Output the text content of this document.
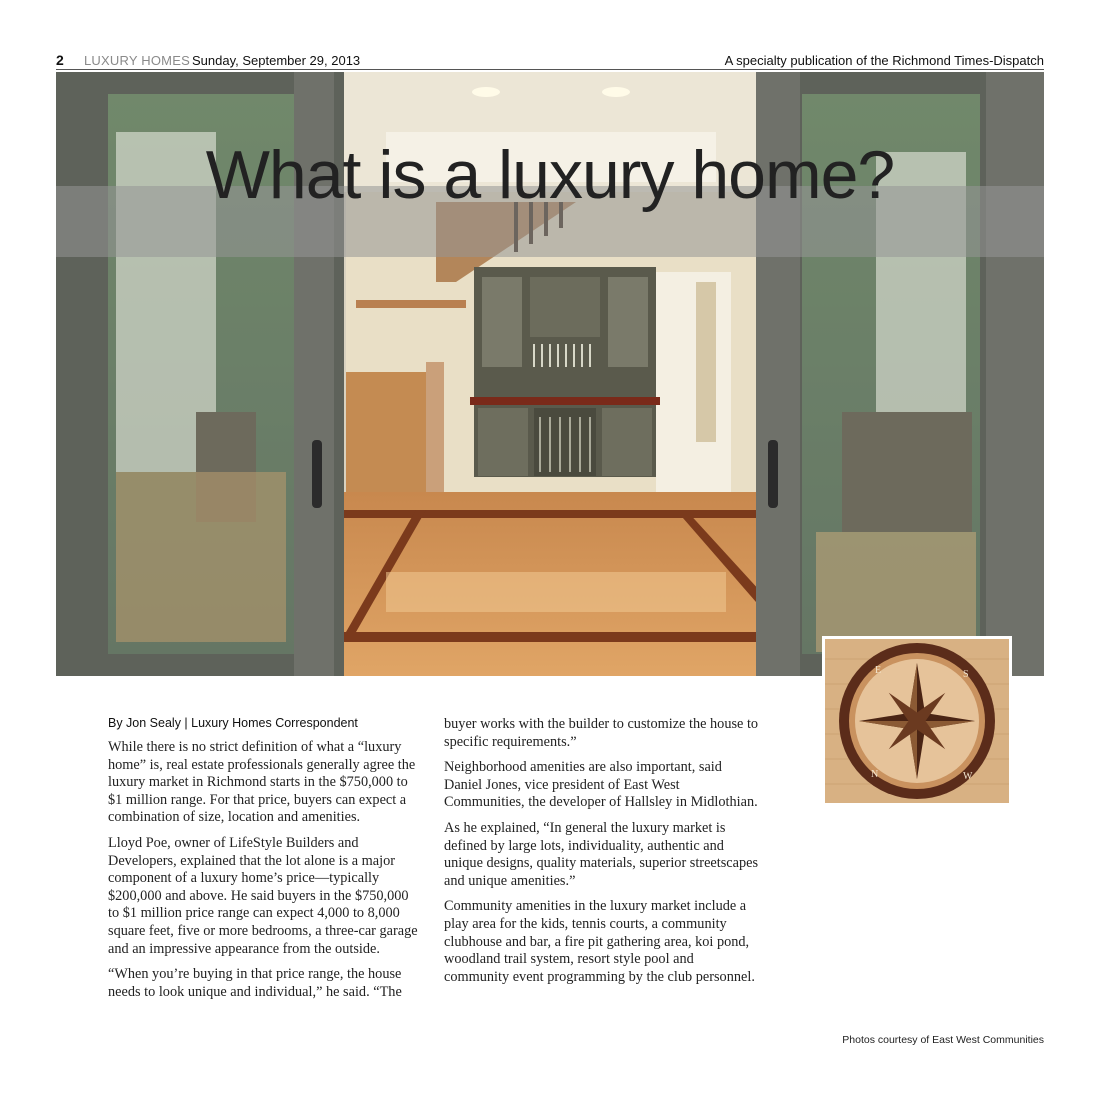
2 LUXURY HOMES Sunday, September 29, 2013	A specialty publication of the Richmond Times-Dispatch
What is a luxury home?
E	S
W
N
By Jon Sealy | Luxury Homes Correspondent

While there is no strict definition of what a “luxury home” is, real estate professionals generally agree the luxury market in Richmond starts in the $750,000 to $1 million range. For that price, buyers can expect a combination of size, location and amenities.

Lloyd Poe, owner of LifeStyle Builders and Developers, explained that the lot alone is a major component of a luxury home’s price—typically $200,000 and above. He said buyers in the $750,000 to $1 million price range can expect 4,000 to 8,000 square feet, five or more bedrooms, a three-car garage and an impressive appearance from the outside.

“When you’re buying in that price range, the house needs to look unique and individual,” he said. “The

buyer works with the builder to customize the house to specific requirements.”

Neighborhood amenities are also important, said Daniel Jones, vice president of East West Communities, the developer of Hallsley in Midlothian.

As he explained, “In general the luxury market is defined by large lots, individuality, authentic and unique designs, quality materials, superior streetscapes and unique amenities.”

Community amenities in the luxury market include a play area for the kids, tennis courts, a community clubhouse and bar, a fire pit gathering area, koi pond, woodland trail system, resort style pool and community event programming by the club personnel.

Photos courtesy of East West Communities
